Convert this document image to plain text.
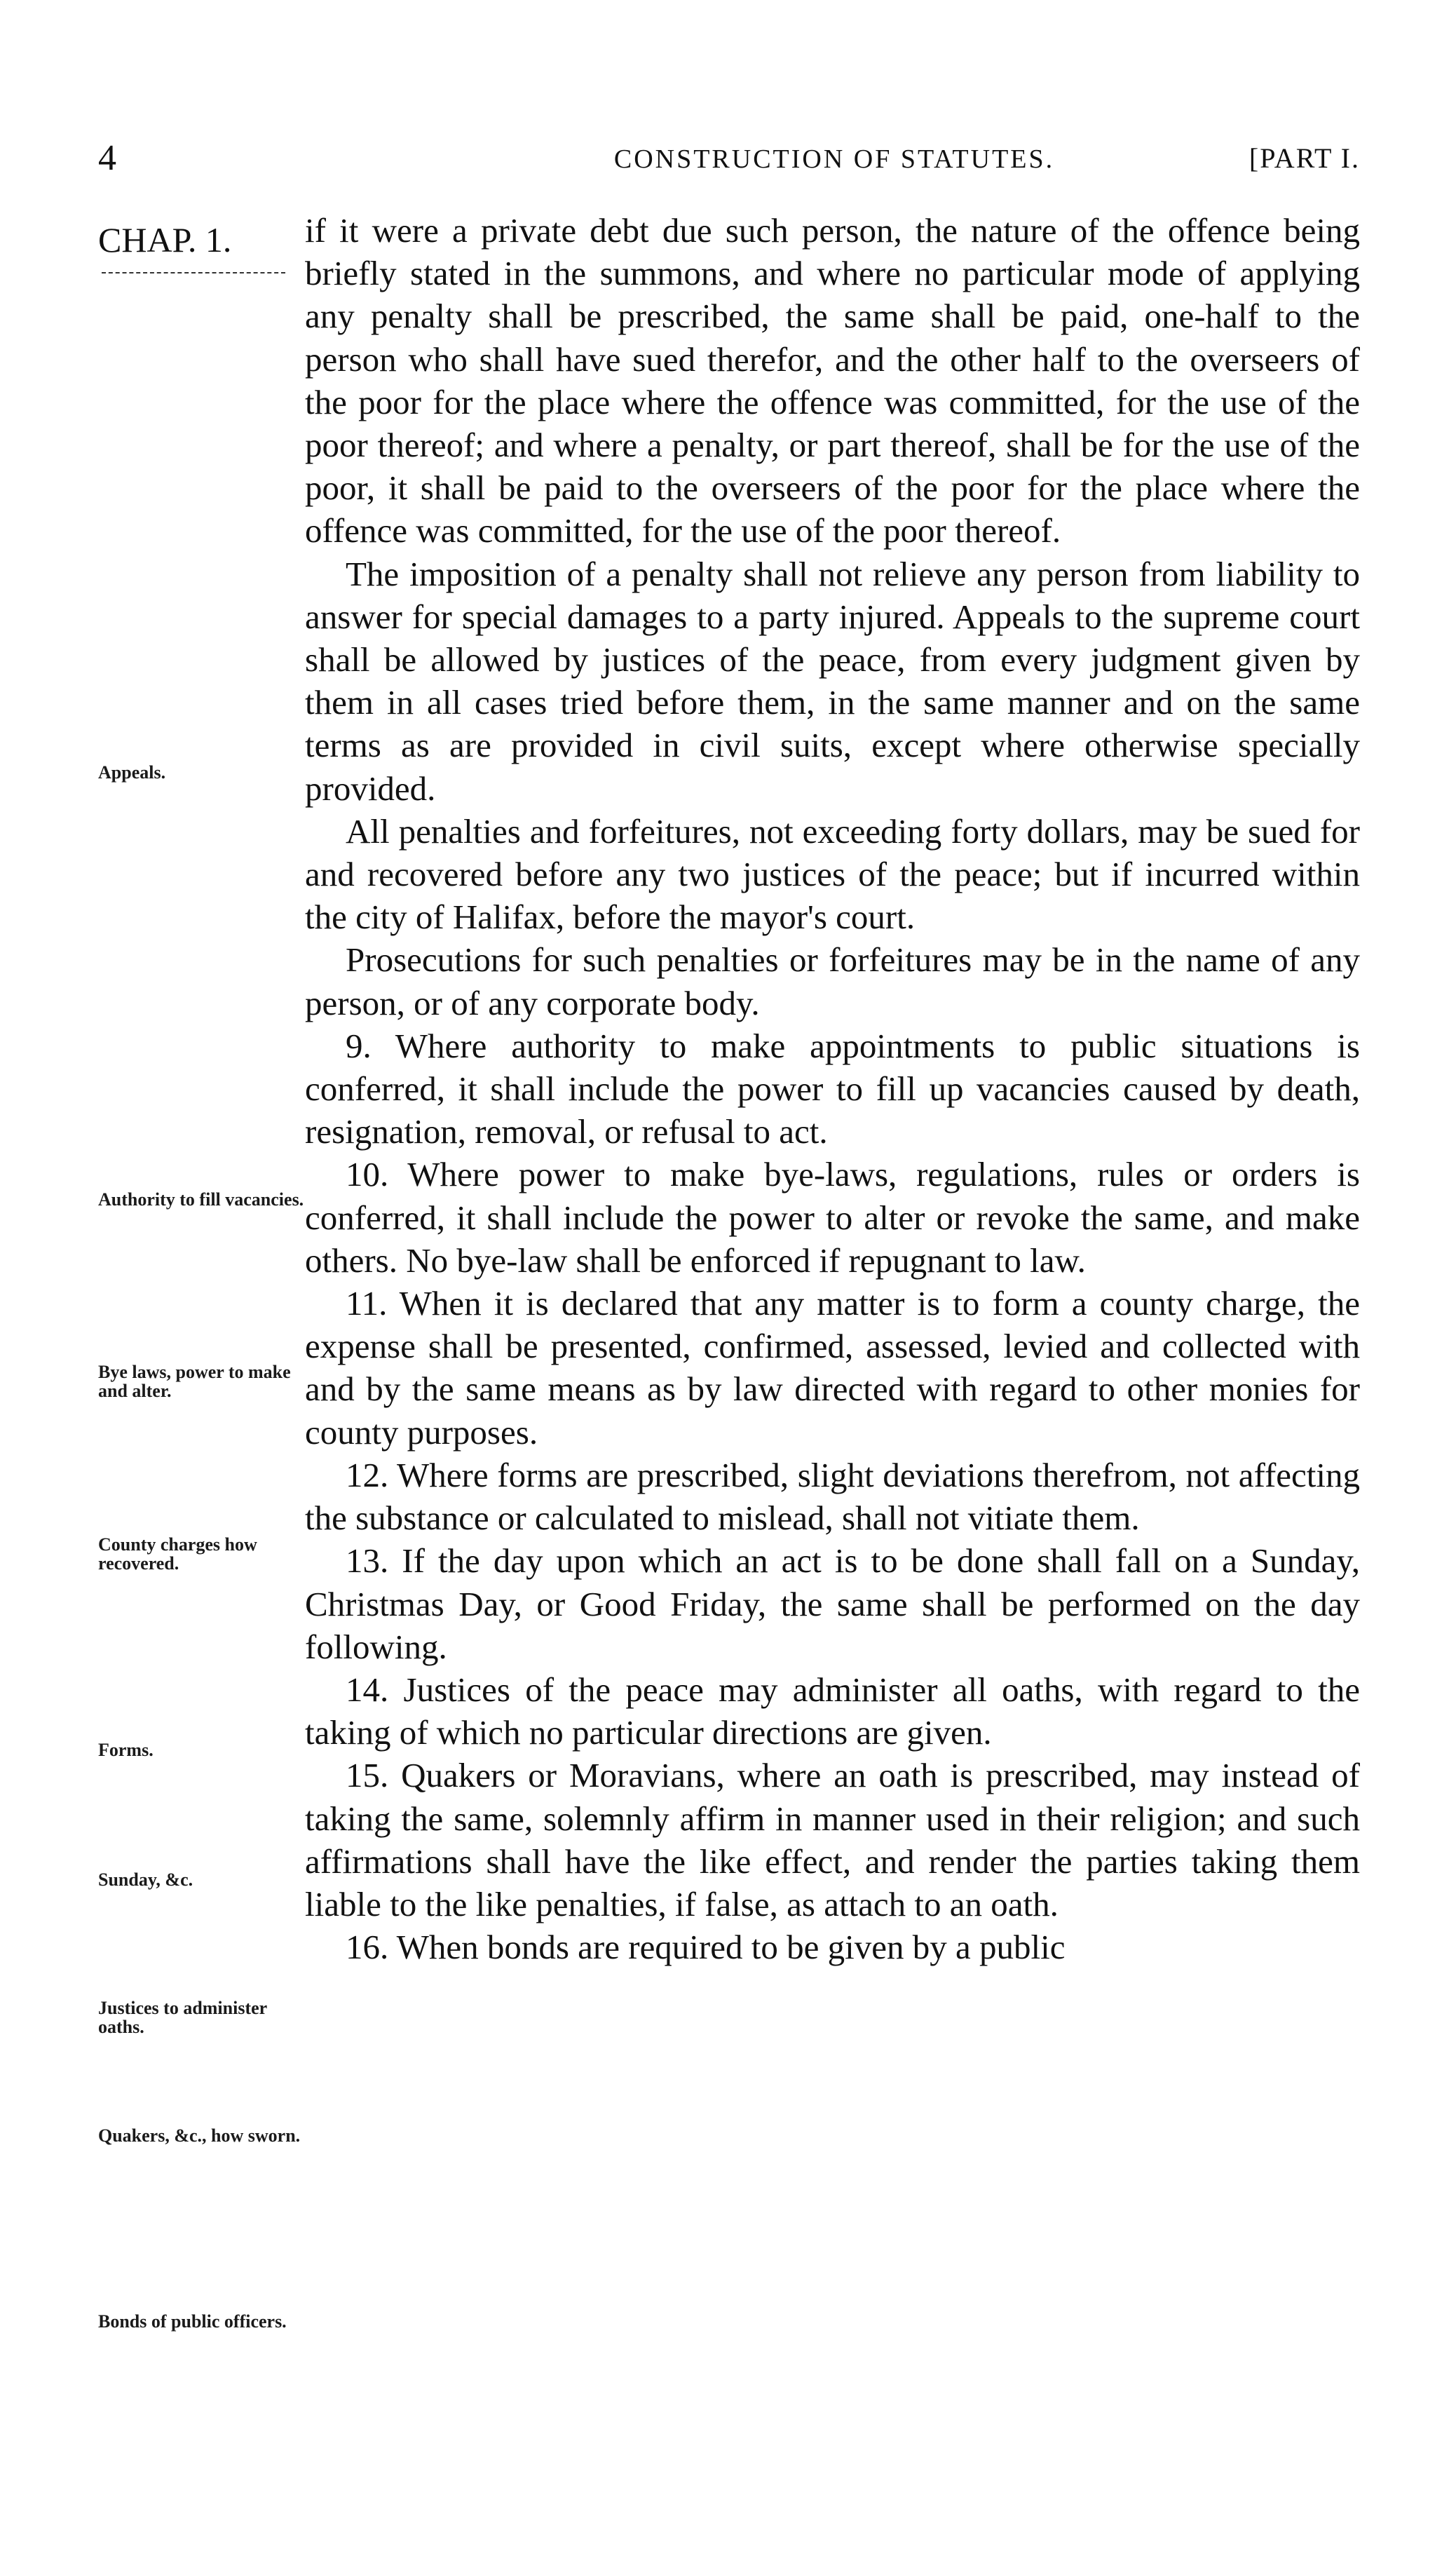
4	CONSTRUCTION OF STATUTES.	[PART I.
CHAP. 1.
Appeals.
Authority to fill vacancies.
Bye laws, power to make and alter.
County charges how recovered.
Forms.
Sunday, &c.
Justices to administer oaths.
Quakers, &c., how sworn.
Bonds of public officers.

if it were a private debt due such person, the nature of the offence being briefly stated in the summons, and where no particular mode of applying any penalty shall be prescribed, the same shall be paid, one-half to the person who shall have sued therefor, and the other half to the overseers of the poor for the place where the offence was committed, for the use of the poor thereof; and where a penalty, or part thereof, shall be for the use of the poor, it shall be paid to the overseers of the poor for the place where the offence was committed, for the use of the poor thereof.

The imposition of a penalty shall not relieve any person from liability to answer for special damages to a party injured. Appeals to the supreme court shall be allowed by justices of the peace, from every judgment given by them in all cases tried before them, in the same manner and on the same terms as are provided in civil suits, except where otherwise specially provided.

All penalties and forfeitures, not exceeding forty dollars, may be sued for and recovered before any two justices of the peace; but if incurred within the city of Halifax, before the mayor's court.

Prosecutions for such penalties or forfeitures may be in the name of any person, or of any corporate body.

9. Where authority to make appointments to public situations is conferred, it shall include the power to fill up vacancies caused by death, resignation, removal, or refusal to act.

10. Where power to make bye-laws, regulations, rules or orders is conferred, it shall include the power to alter or revoke the same, and make others. No bye-law shall be enforced if repugnant to law.

11. When it is declared that any matter is to form a county charge, the expense shall be presented, confirmed, assessed, levied and collected with and by the same means as by law directed with regard to other monies for county purposes.

12. Where forms are prescribed, slight deviations therefrom, not affecting the substance or calculated to mislead, shall not vitiate them.

13. If the day upon which an act is to be done shall fall on a Sunday, Christmas Day, or Good Friday, the same shall be performed on the day following.

14. Justices of the peace may administer all oaths, with regard to the taking of which no particular directions are given.

15. Quakers or Moravians, where an oath is prescribed, may instead of taking the same, solemnly affirm in manner used in their religion; and such affirmations shall have the like effect, and render the parties taking them liable to the like penalties, if false, as attach to an oath.

16. When bonds are required to be given by a public
